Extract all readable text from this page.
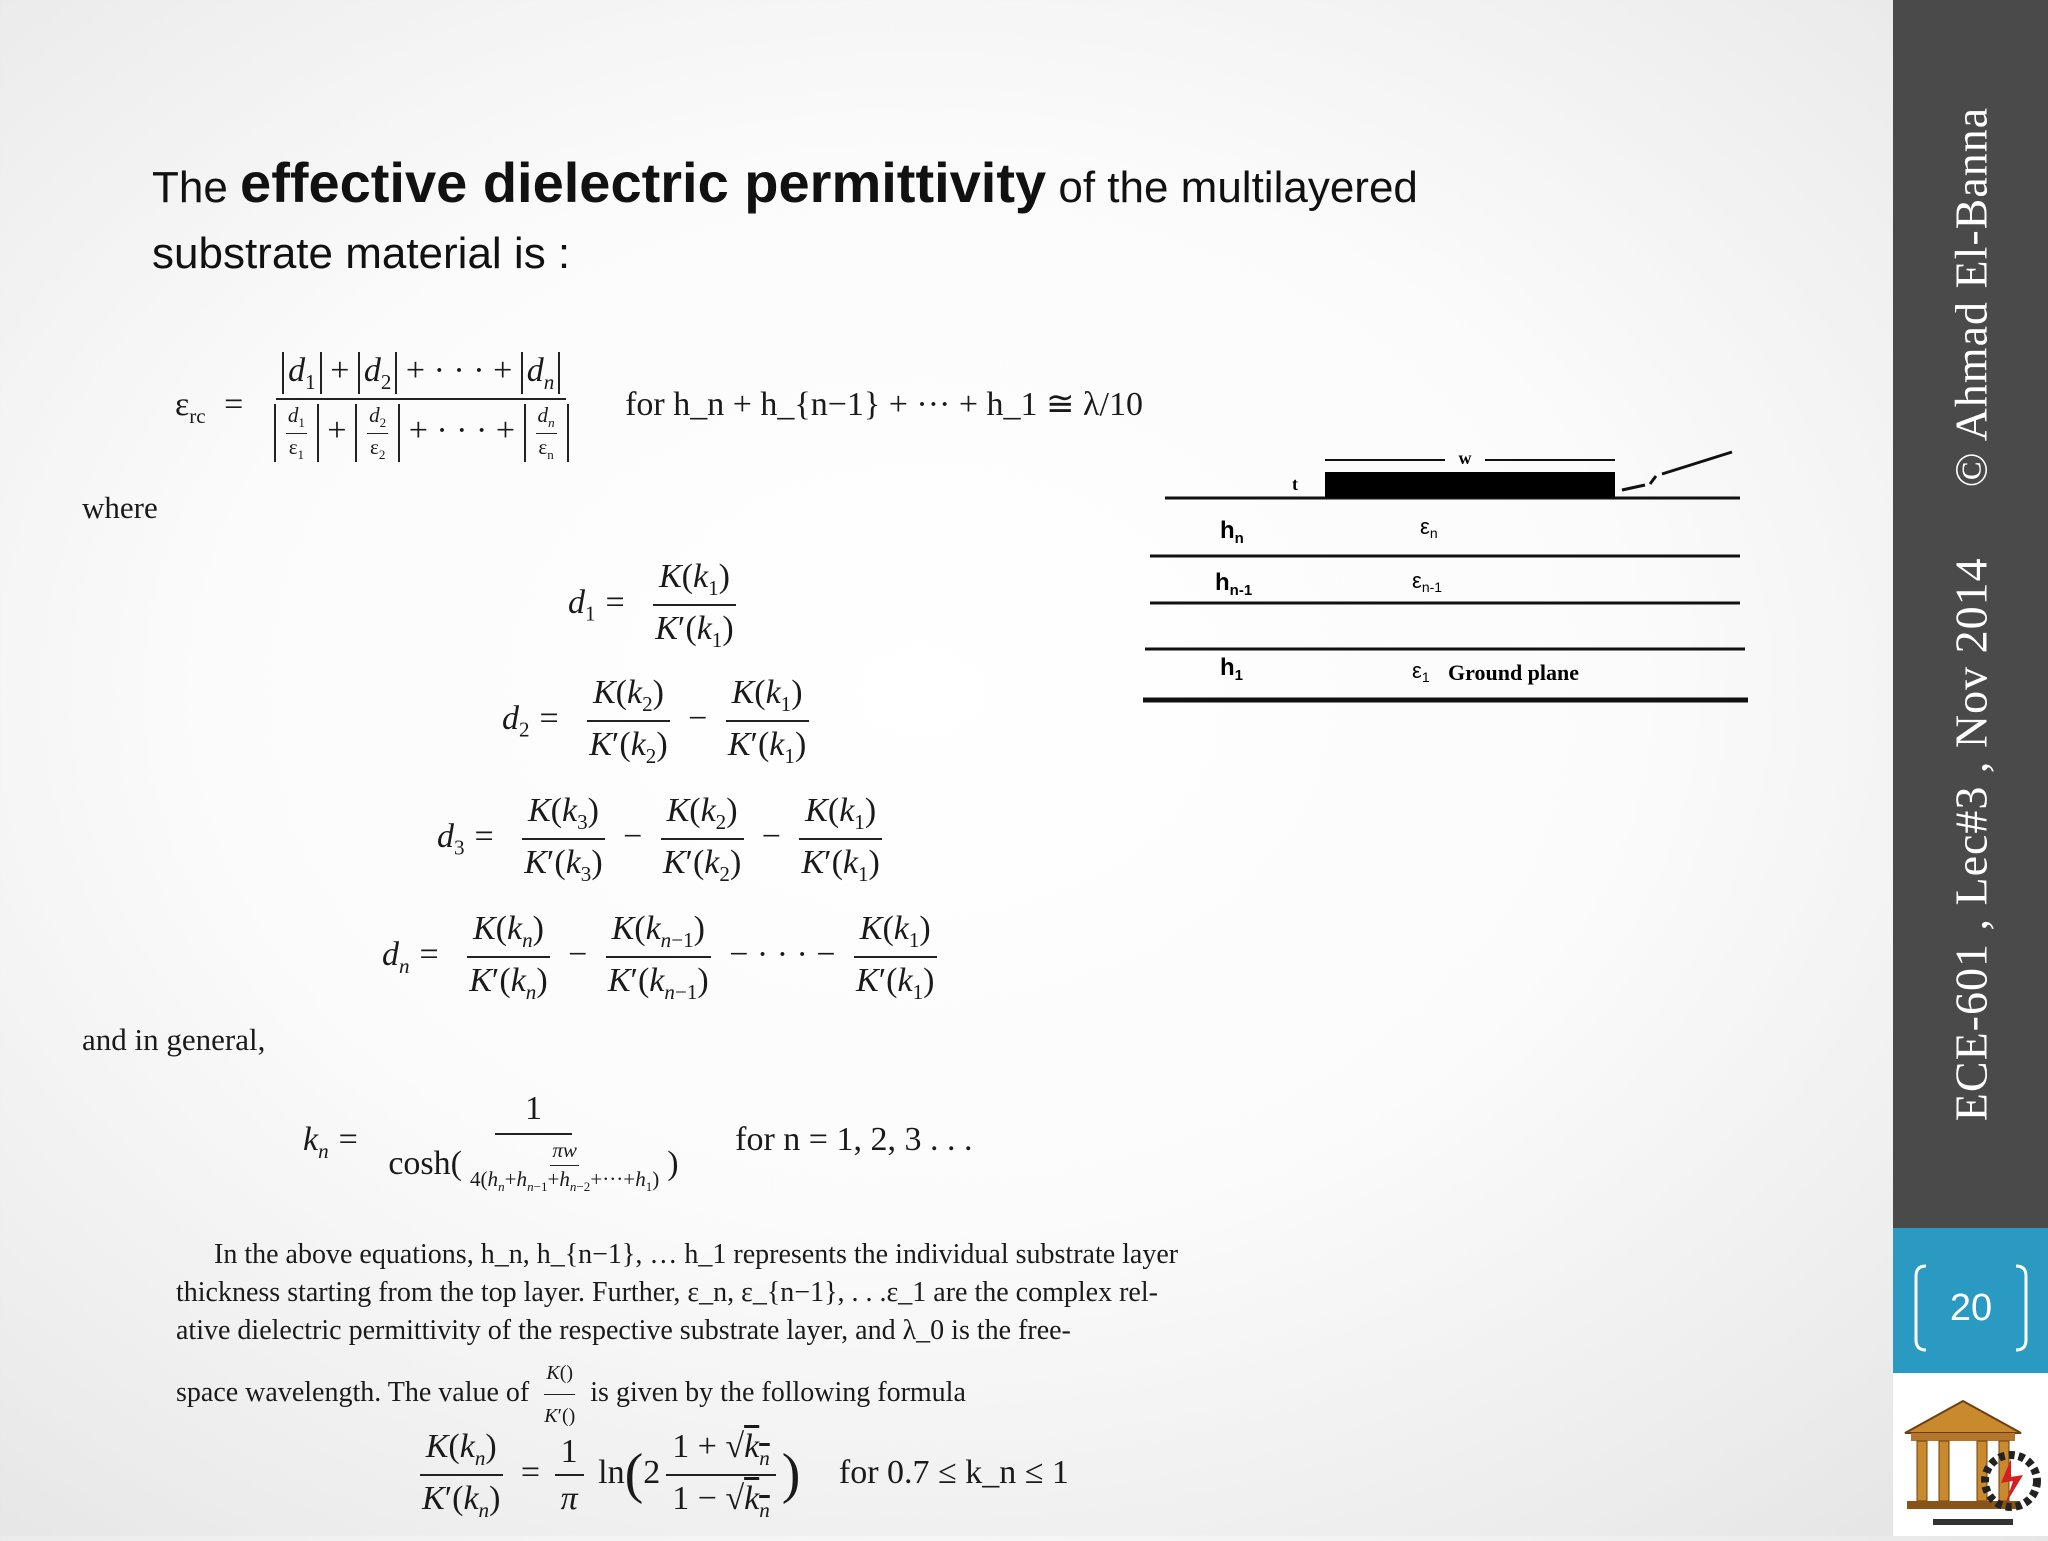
The effective dielectric permittivity of the multilayered
substrate material is :
$\varepsilon_{rc} = \frac{d_1 + d_2 + \cdot \cdot \cdot + d_n}{\frac{d_1}{\varepsilon_1} + \frac{d_2}{\varepsilon_2} + \cdot \cdot \cdot + \frac{d_n}{\varepsilon_n}}$ for h_n + h_{n−1} + ··· + h_1 ≅ λ/10
where
$d_1 = \frac{K(k_1)}{K'(k_1)}$
$d_2 = \frac{K(k_2)}{K'(k_2)} - \frac{K(k_1)}{K'(k_1)}$
$d_3 = \frac{K(k_3)}{K'(k_3)} - \frac{K(k_2)}{K'(k_2)} - \frac{K(k_1)}{K'(k_1)}$
$d_n = \frac{K(k_n)}{K'(k_n)} - \frac{K(k_{n-1})}{K'(k_{n-1})}$ − · · · − $\frac{K(k_1)}{K'(k_1)}$
and in general,
$k_n = \frac{1}{\cosh( \frac{\pi w}{4(h_n+h_{n-1}+h_{n-2}+\cdot\cdot\cdot+h_1)} )}$ for n = 1, 2, 3 . . .
In the above equations, h_n, h_{n−1}, … h_1 represents the individual substrate layer
thickness starting from the top layer. Further, ε_n, ε_{n−1}, . . .ε_1 are the complex rel-
ative dielectric permittivity of the respective substrate layer, and λ_0 is the free-
space wavelength. The value of $\frac{K()}{K'()}$ is given by the following formula
$\frac{K(k_n)}{K'(k_n)} = \frac{1}{\pi} \ln(2 \frac{1 + √k_n}{1 - √k_n}$ ) for 0.7 ≤ k_n ≤ 1
w
t
$h_n$	εn
$h_{n-1}$	εn-1
$h_1$	ε1 Ground plane	ECE-601 , Lec#3 , Nov 2014© Ahmad El-Banna
20
